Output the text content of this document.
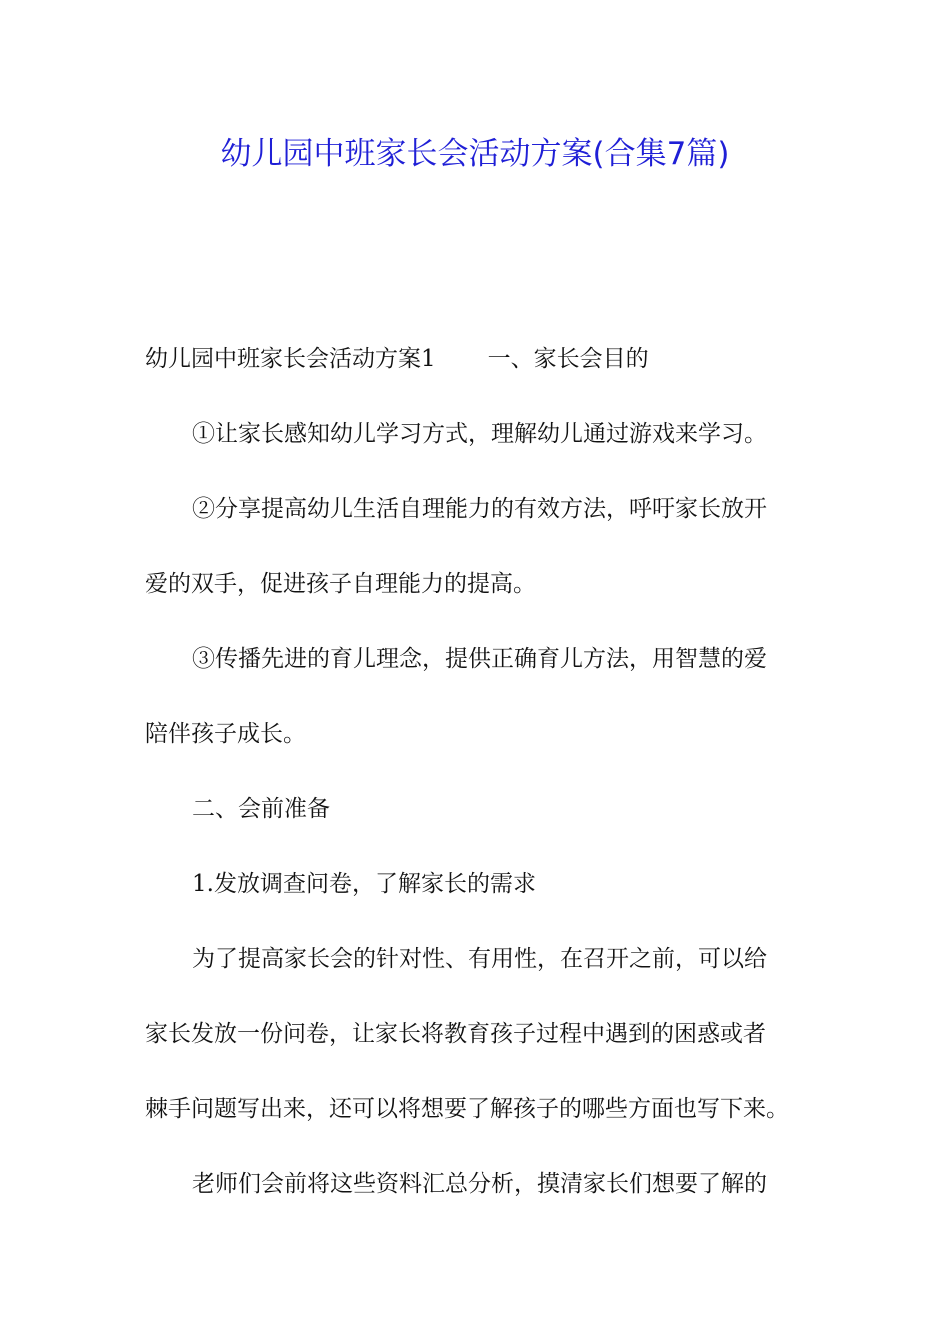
幼儿园中班家长会活动方案(合集7篇)

幼儿园中班家长会活动方案1 一、家长会目的

①让家长感知幼儿学习方式，理解幼儿通过游戏来学习。

②分享提高幼儿生活自理能力的有效方法，呼吁家长放开

爱的双手，促进孩子自理能力的提高。

③传播先进的育儿理念，提供正确育儿方法，用智慧的爱

陪伴孩子成长。

二、会前准备

1.发放调查问卷，了解家长的需求

为了提高家长会的针对性、有用性，在召开之前，可以给

家长发放一份问卷，让家长将教育孩子过程中遇到的困惑或者

棘手问题写出来，还可以将想要了解孩子的哪些方面也写下来。

老师们会前将这些资料汇总分析，摸清家长们想要了解的
